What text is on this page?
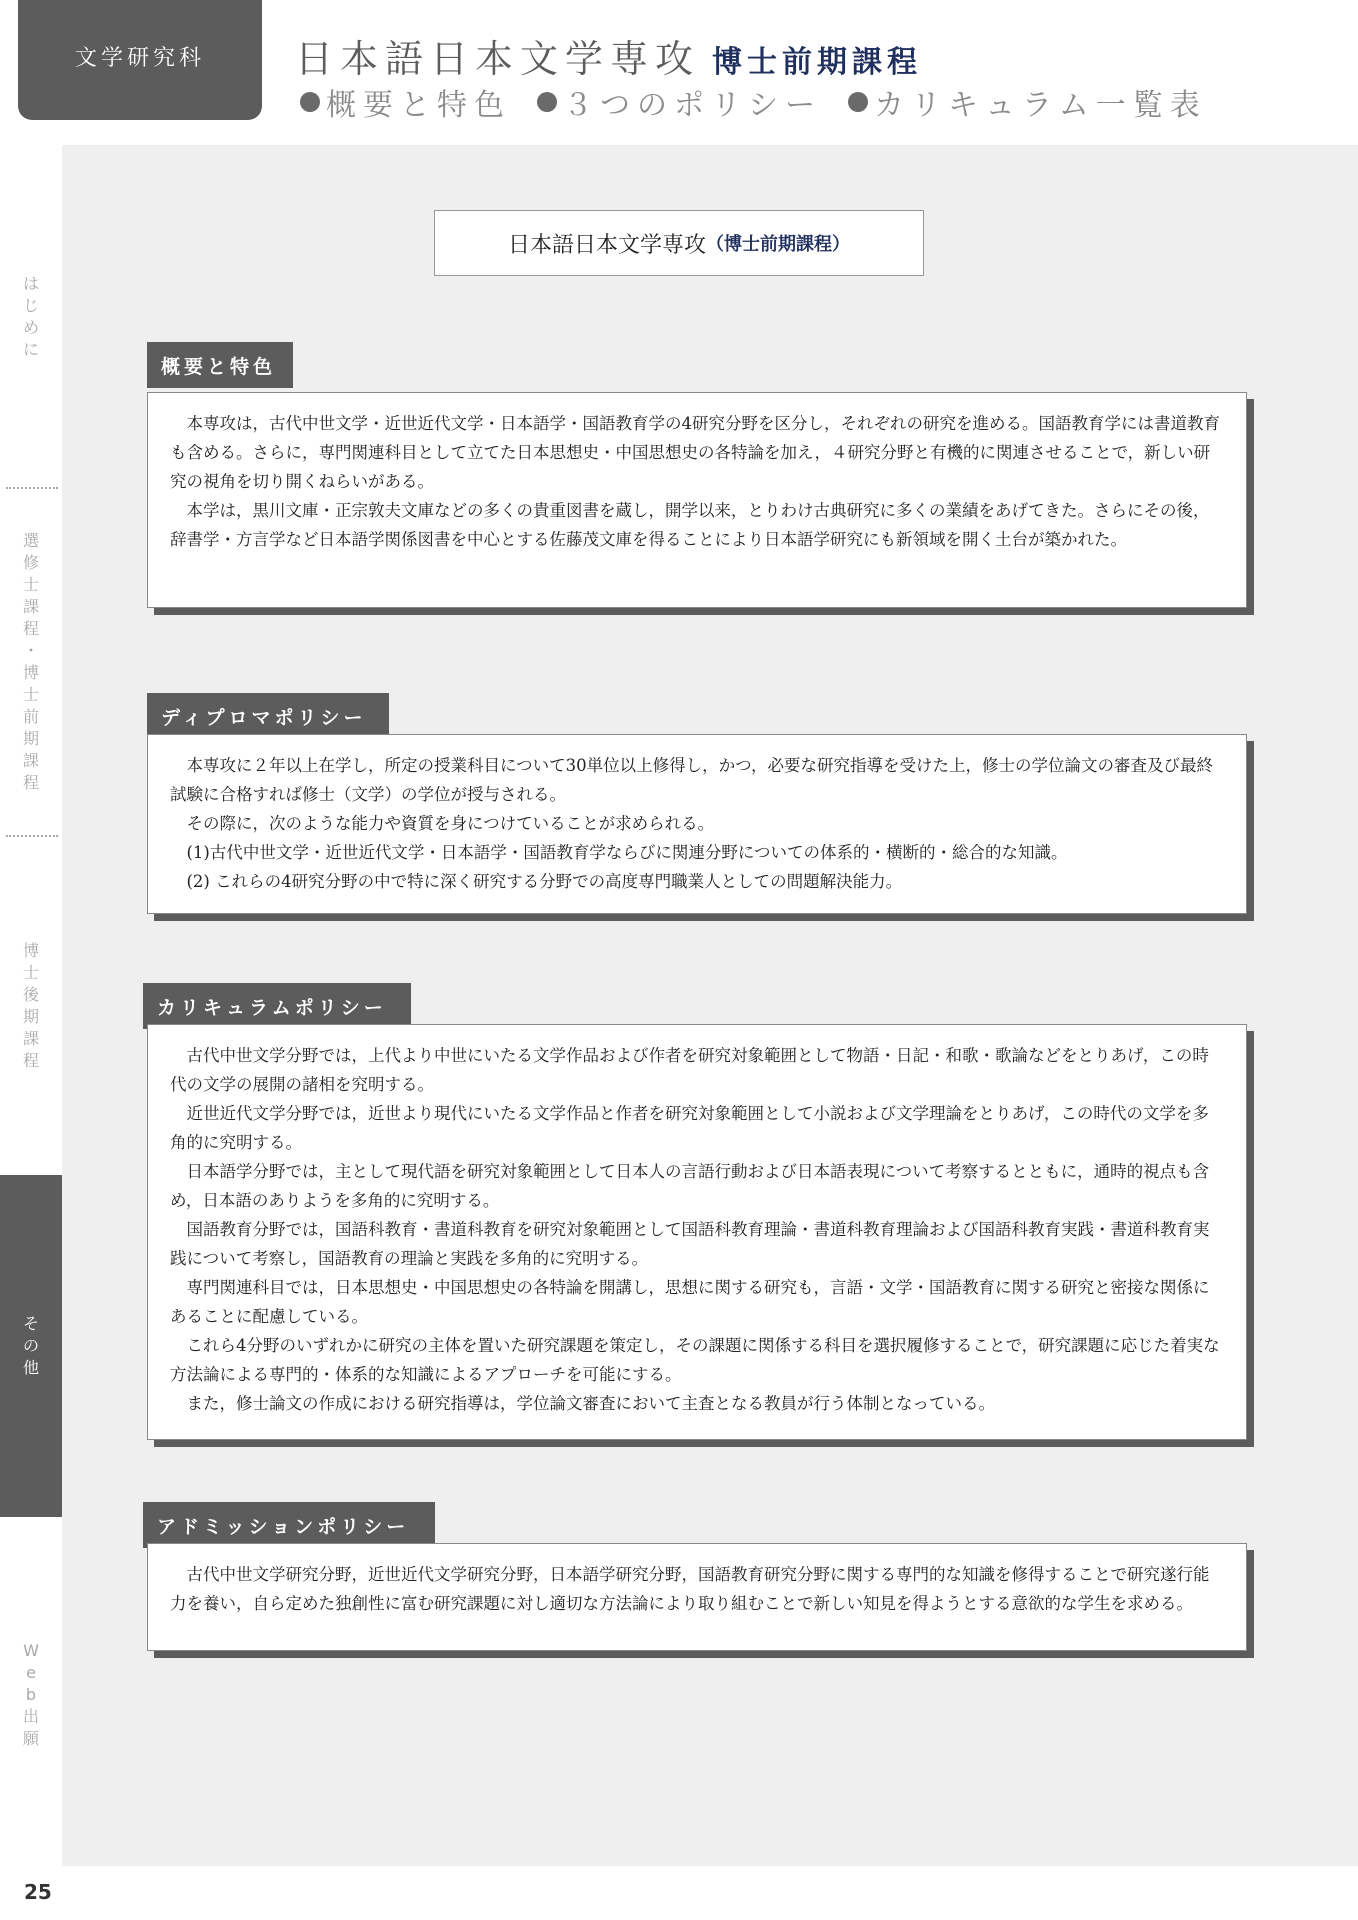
文学研究科 日本語日本文学専攻 博士前期課程
概要と特色 ３つのポリシー カリキュラム一覧表
は
じ
め
に
選
修
士
課
程
・
博
士
前
期
課
程
博
士
後
期
課
程
そ
の
他
W
e
b
出
願
日本語日本文学専攻 （博士前期課程）
概要と特色

本専攻は，古代中世文学・近世近代文学・日本語学・国語教育学の4研究分野を区分し，それぞれの研究を進める。国語教育学には書道教育も含める。さらに，専門関連科目として立てた日本思想史・中国思想史の各特論を加え，４研究分野と有機的に関連させることで，新しい研究の視角を切り開くねらいがある。

本学は，黒川文庫・正宗敦夫文庫などの多くの貴重図書を蔵し，開学以来，とりわけ古典研究に多くの業績をあげてきた。さらにその後，辞書学・方言学など日本語学関係図書を中心とする佐藤茂文庫を得ることにより日本語学研究にも新領域を開く土台が築かれた。

ディプロマポリシー

本専攻に２年以上在学し，所定の授業科目について30単位以上修得し，かつ，必要な研究指導を受けた上，修士の学位論文の審査及び最終試験に合格すれば修士（文学）の学位が授与される。

その際に，次のような能力や資質を身につけていることが求められる。

(1)古代中世文学・近世近代文学・日本語学・国語教育学ならびに関連分野についての体系的・横断的・総合的な知識。

(2) これらの4研究分野の中で特に深く研究する分野での高度専門職業人としての問題解決能力。

カリキュラムポリシー

古代中世文学分野では，上代より中世にいたる文学作品および作者を研究対象範囲として物語・日記・和歌・歌論などをとりあげ，この時代の文学の展開の諸相を究明する。

近世近代文学分野では，近世より現代にいたる文学作品と作者を研究対象範囲として小説および文学理論をとりあげ，この時代の文学を多角的に究明する。

日本語学分野では，主として現代語を研究対象範囲として日本人の言語行動および日本語表現について考察するとともに，通時的視点も含め，日本語のありようを多角的に究明する。

国語教育分野では，国語科教育・書道科教育を研究対象範囲として国語科教育理論・書道科教育理論および国語科教育実践・書道科教育実践について考察し，国語教育の理論と実践を多角的に究明する。

専門関連科目では，日本思想史・中国思想史の各特論を開講し，思想に関する研究も，言語・文学・国語教育に関する研究と密接な関係にあることに配慮している。

これら4分野のいずれかに研究の主体を置いた研究課題を策定し，その課題に関係する科目を選択履修することで，研究課題に応じた着実な方法論による専門的・体系的な知識によるアプローチを可能にする。

また，修士論文の作成における研究指導は，学位論文審査において主査となる教員が行う体制となっている。

アドミッションポリシー

古代中世文学研究分野，近世近代文学研究分野，日本語学研究分野，国語教育研究分野に関する専門的な知識を修得することで研究遂行能力を養い，自ら定めた独創性に富む研究課題に対し適切な方法論により取り組むことで新しい知見を得ようとする意欲的な学生を求める。

25
